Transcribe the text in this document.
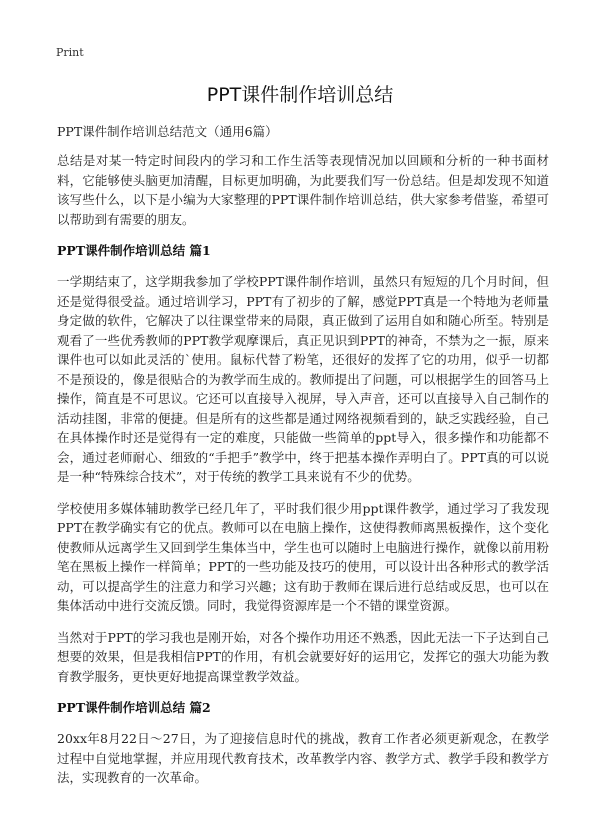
Print
PPT课件制作培训总结

PPT课件制作培训总结范文（通用6篇）

总结是对某一特定时间段内的学习和工作生活等表现情况加以回顾和分析的一种书面材料，它能够使头脑更加清醒，目标更加明确，为此要我们写一份总结。但是却发现不知道该写些什么，以下是小编为大家整理的PPT课件制作培训总结，供大家参考借鉴，希望可以帮助到有需要的朋友。

PPT课件制作培训总结 篇1

一学期结束了，这学期我参加了学校PPT课件制作培训，虽然只有短短的几个月时间，但还是觉得很受益。通过培训学习，PPT有了初步的了解，感觉PPT真是一个特地为老师量身定做的软件，它解决了以往课堂带来的局限，真正做到了运用自如和随心所至。特别是观看了一些优秀教师的PPT教学观摩课后，真正见识到PPT的神奇，不禁为之一振，原来课件也可以如此灵活的`使用。鼠标代替了粉笔，还很好的发挥了它的功用，似乎一切都不是预设的，像是很贴合的为教学而生成的。教师提出了问题，可以根据学生的回答马上操作，简直是不可思议。它还可以直接导入视屏，导入声音，还可以直接导入自己制作的活动挂图，非常的便捷。但是所有的这些都是通过网络视频看到的，缺乏实践经验，自己在具体操作时还是觉得有一定的难度，只能做一些简单的ppt导入，很多操作和功能都不会，通过老师耐心、细致的“手把手”教学中，终于把基本操作弄明白了。PPT真的可以说是一种“特殊综合技术”，对于传统的教学工具来说有不少的优势。

学校使用多媒体辅助教学已经几年了，平时我们很少用ppt课件教学，通过学习了我发现PPT在教学确实有它的优点。教师可以在电脑上操作，这使得教师离黑板操作，这个变化使教师从远离学生又回到学生集体当中，学生也可以随时上电脑进行操作，就像以前用粉笔在黑板上操作一样简单；PPT的一些功能及技巧的使用，可以设计出各种形式的教学活动，可以提高学生的注意力和学习兴趣；这有助于教师在课后进行总结或反思，也可以在集体活动中进行交流反馈。同时，我觉得资源库是一个不错的课堂资源。

当然对于PPT的学习我也是刚开始，对各个操作功用还不熟悉，因此无法一下子达到自己想要的效果，但是我相信PPT的作用，有机会就要好好的运用它，发挥它的强大功能为教育教学服务，更快更好地提高课堂教学效益。

PPT课件制作培训总结 篇2

20xx年8月22日～27日，为了迎接信息时代的挑战，教育工作者必须更新观念，在教学过程中自觉地掌握，并应用现代教育技术，改革教学内容、教学方式、教学手段和教学方法，实现教育的一次革命。
